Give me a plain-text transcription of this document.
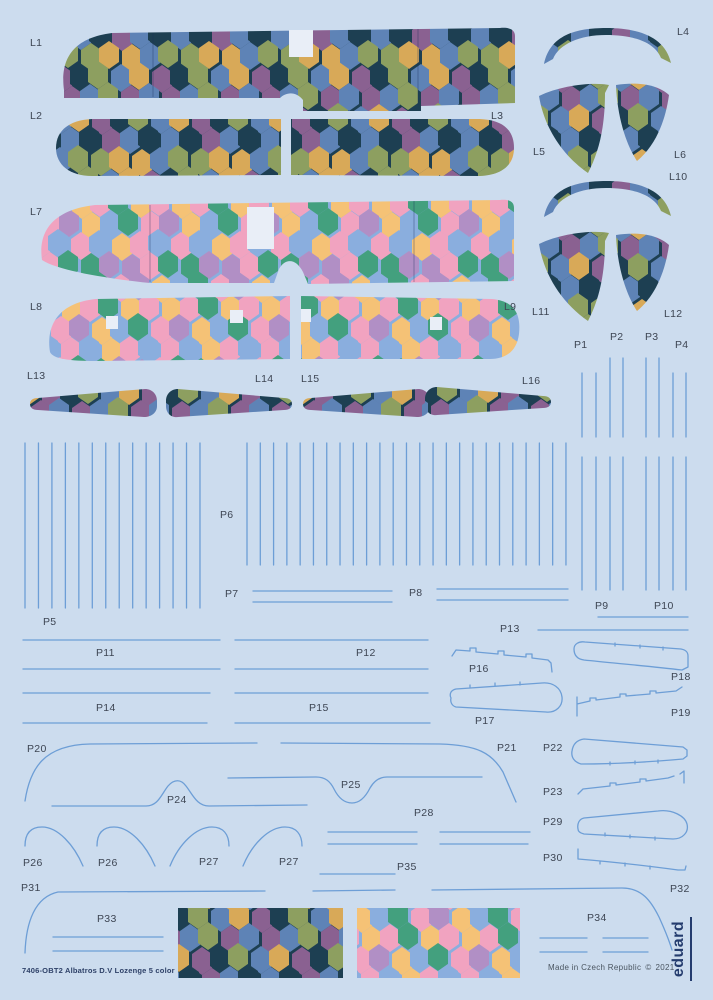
L1
L2	L3
L4
L5	L6
L7
L8	L9
L10
L11	L12
L13	L14	L15	L16
P1
P2 P3
P4
P5
P6
P7	P8
P9	P10
P11	P12
P13
P14	P15
P16
P17
P18
P19
P20	P21	P22
P23
P24
P25
P26	P26	P27	P27
P28
P29
P30
P31	P32
P33	P34
P35
7406-OBT2 Albatros D.V Lozenge 5 color	Made in Czech Republic © 2021
eduard
